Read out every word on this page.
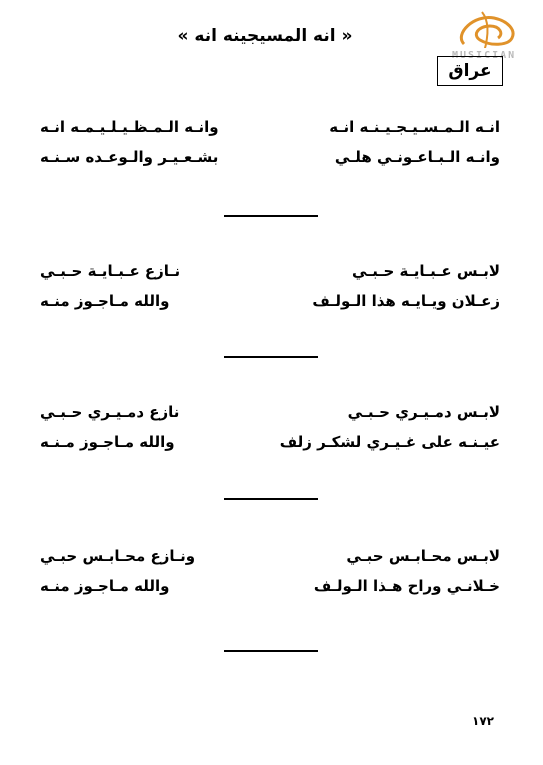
« انه المسيجينه انه »
MUSICIAN
عراق
انـه الـمـسـيـجـيـنـه انـه
وانـه الـمـظـيـلـيـمـه انـه
وانـه الـبـاعـونـي هلـي
بشـعـيـر والـوعـده سـنـه
لابـس عـبـايـة حـبـي
نـازع عـبـايـة حـبـي
زعـلان ويـايـه هذا الـولـف
والله مـاجـوز منـه
لابـس دمـيـري حـبـي
نازع دمـيـري حـبـي
عيـنـه على غـيـري لشكـر زلف
والله مـاجـوز مـنـه
لابـس محـابـس حبـي
ونـازع محـابـس حبـي
خـلانـي وراح هـذا الـولـف
والله مـاجـوز منـه
١٧٢
